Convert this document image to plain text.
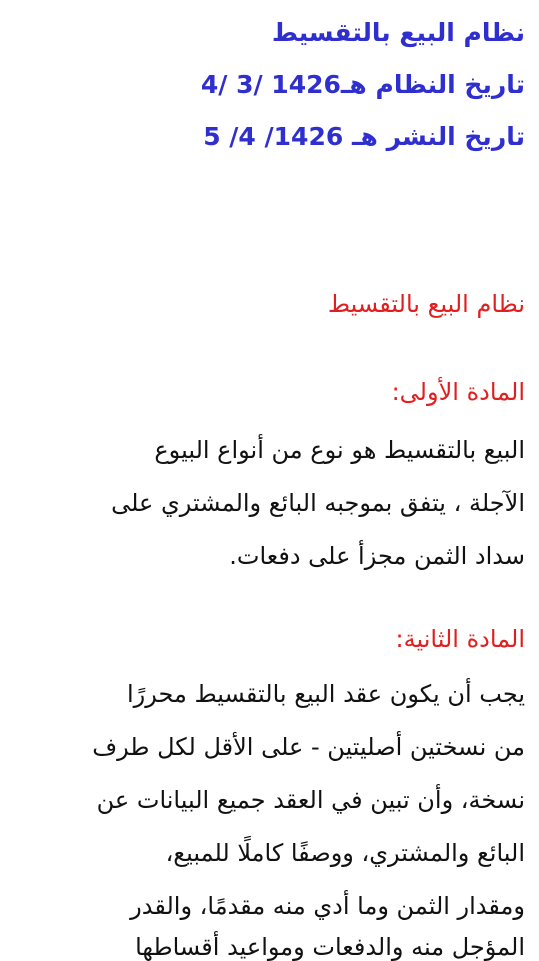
نظام البيع بالتقسيط
تاريخ النظام 4/ 3/ 1426هـ
تاريخ النشر 5 /4 /1426 هـ
نظام البيع بالتقسيط
المادة الأولى:
البيع بالتقسيط هو نوع من أنواع البيوع
الآجلة ، يتفق بموجبه البائع والمشتري على
سداد الثمن مجزأ على دفعات.
المادة الثانية:
يجب أن يكون عقد البيع بالتقسيط محررًا
من نسختين أصليتين - على الأقل لكل طرف
نسخة، وأن تبين في العقد جميع البيانات عن
البائع والمشتري، ووصفًا كاملًا للمبيع،
ومقدار الثمن وما أدي منه مقدمًا، والقدر
المؤجل منه والدفعات ومواعيد أقساطها
